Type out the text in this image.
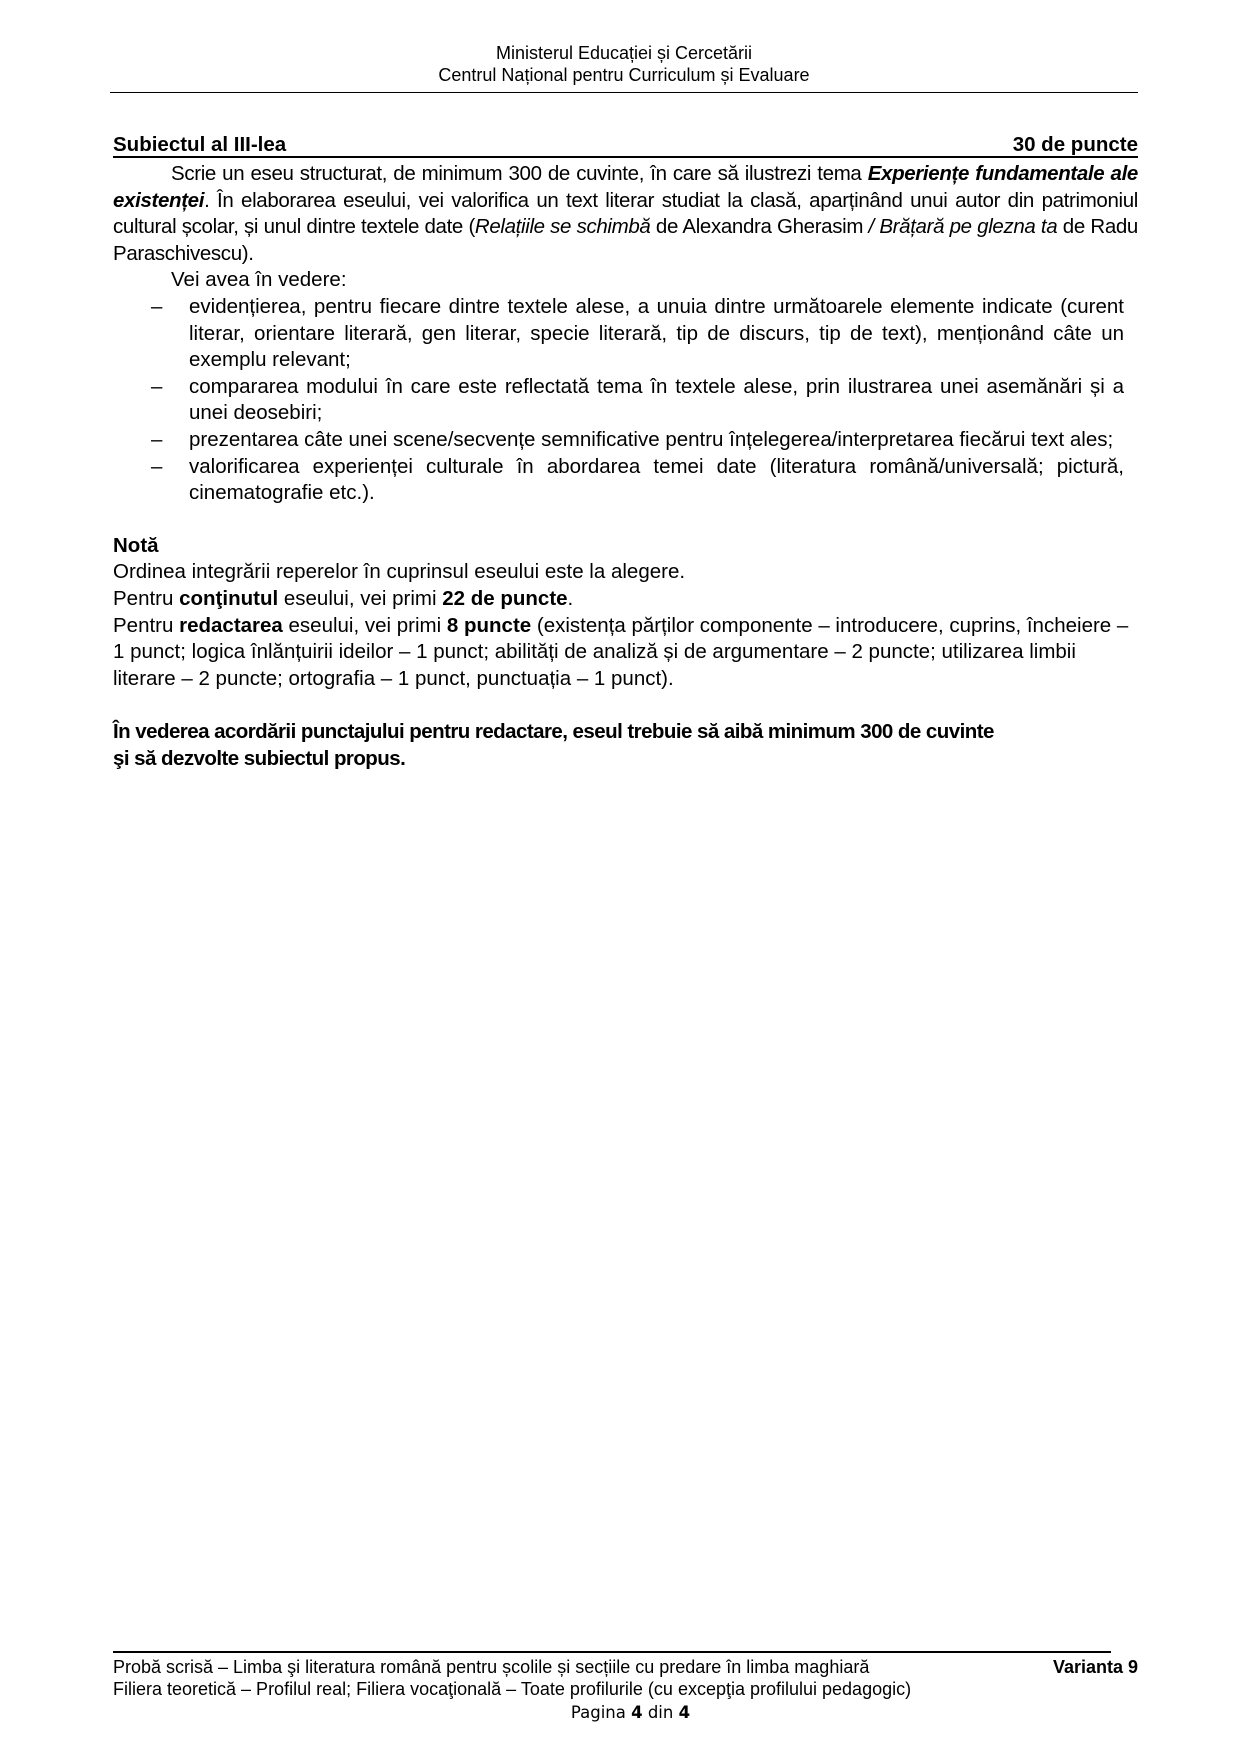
Ministerul Educației și Cercetării
Centrul Național pentru Curriculum și Evaluare
Subiectul al III-lea	30 de puncte

Scrie un eseu structurat, de minimum 300 de cuvinte, în care să ilustrezi tema Experiențe fundamentale ale existenței. În elaborarea eseului, vei valorifica un text literar studiat la clasă, aparținând unui autor din patrimoniul cultural școlar, și unul dintre textele date (Relațiile se schimbă de Alexandra Gherasim / Brățară pe glezna ta de Radu Paraschivescu).

Vei avea în vedere:

– evidențierea, pentru fiecare dintre textele alese, a unuia dintre următoarele elemente indicate (curent literar, orientare literară, gen literar, specie literară, tip de discurs, tip de text), menționând câte un exemplu relevant;
– compararea modului în care este reflectată tema în textele alese, prin ilustrarea unei asemănări și a unei deosebiri;
– prezentarea câte unei scene/secvențe semnificative pentru înțelegerea/interpretarea fiecărui text ales;
– valorificarea experienței culturale în abordarea temei date (literatura română/universală; pictură, cinematografie etc.).

Notă

Ordinea integrării reperelor în cuprinsul eseului este la alegere.

Pentru conţinutul eseului, vei primi 22 de puncte.

Pentru redactarea eseului, vei primi 8 puncte (existența părților componente – introducere, cuprins, încheiere – 1 punct; logica înlănțuirii ideilor – 1 punct; abilități de analiză și de argumentare – 2 puncte; utilizarea limbii literare – 2 puncte; ortografia – 1 punct, punctuația – 1 punct).

În vederea acordării punctajului pentru redactare, eseul trebuie să aibă minimum 300 de cuvinte

şi să dezvolte subiectul propus.

Probă scrisă – Limba şi literatura română pentru școlile și secțiile cu predare în limba maghiară	Varianta 9
Filiera teoretică – Profilul real; Filiera vocaţională – Toate profilurile (cu excepţia profilului pedagogic)
Pagina 4 din 4
